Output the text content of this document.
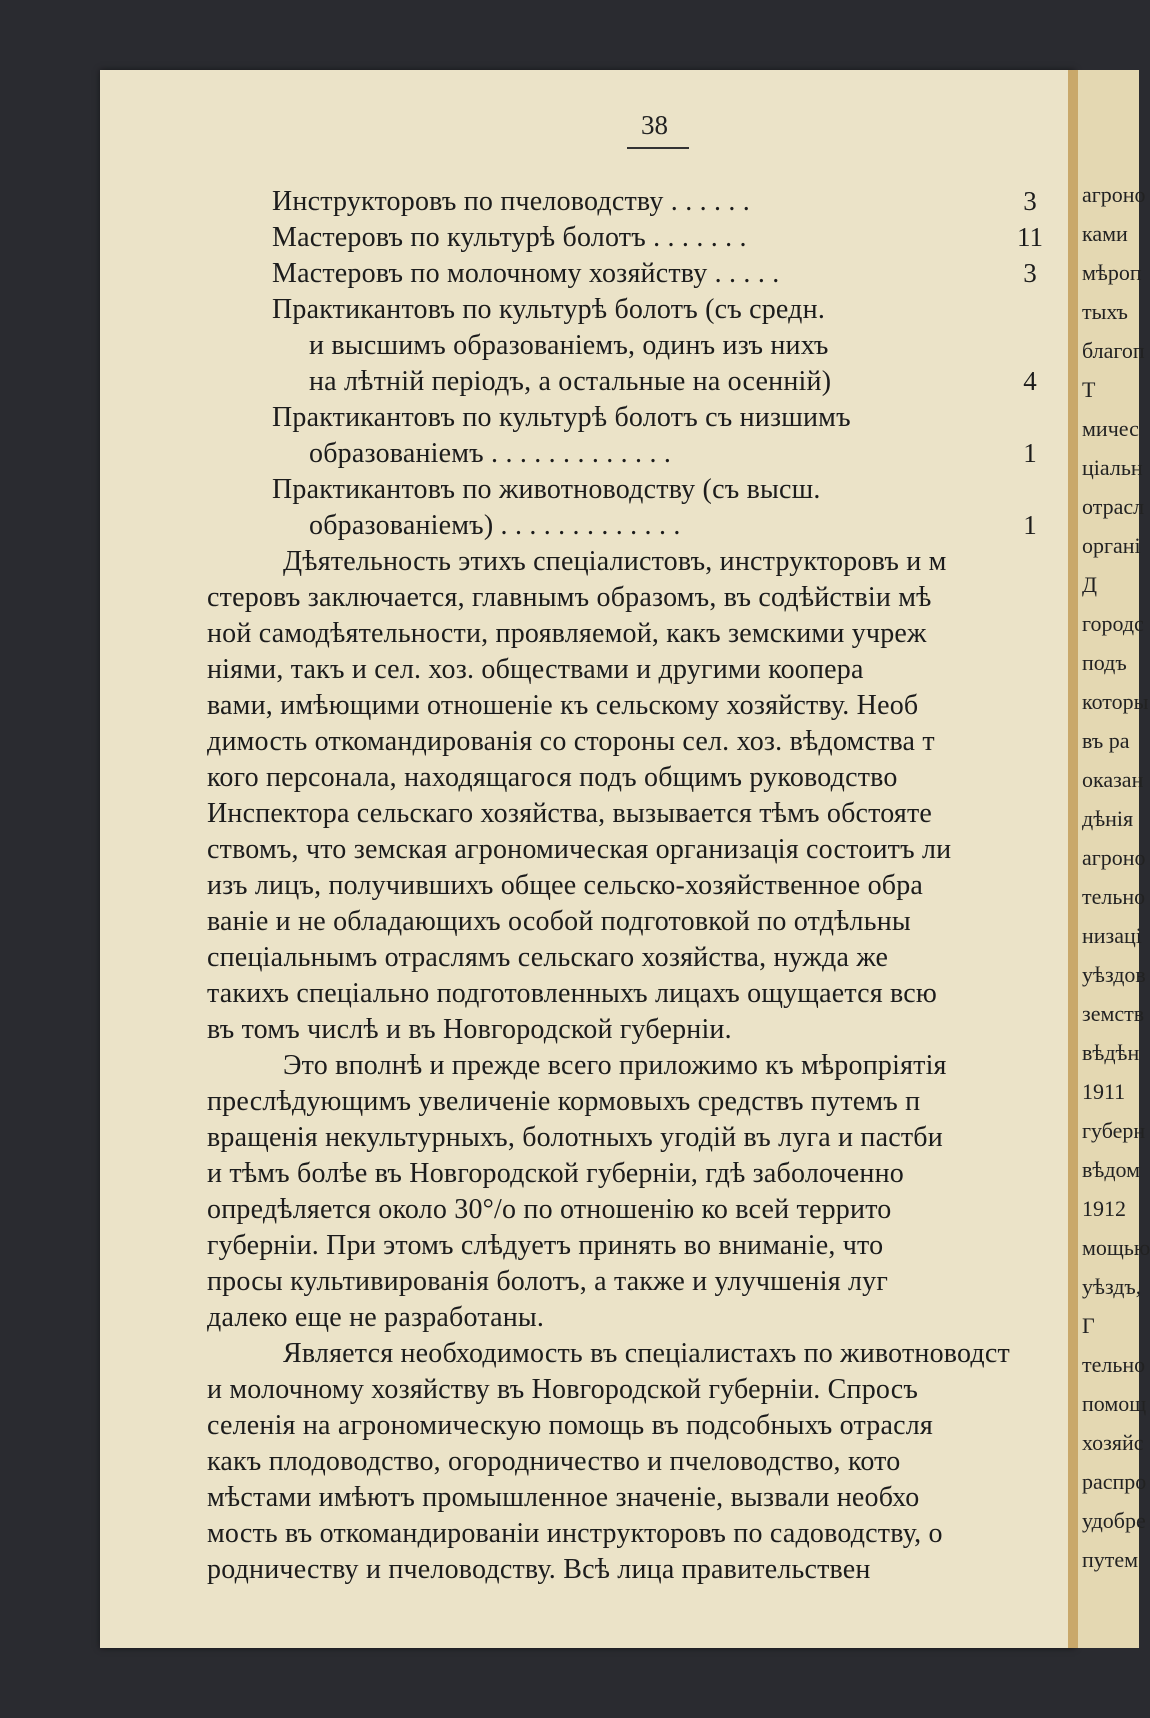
агроно
ками
мѣроп
тыхъ
благоп
Т
мичес
ціальн
отрасл
органі
Д
городс
подъ
которы
въ ра
оказан
дѣнія
агроно
тельно
низаці
уѣздов
земств
вѣдѣн
1911
губерн
вѣдом
1912
мощью
уѣздъ,
Г
тельно
помощ
хозяйс
распро
удобре
путем
38
Инструкторовъ по пчеловодству . . . . . .	3
Мастеровъ по культурѣ болотъ . . . . . . .	11
Мастеровъ по молочному хозяйству . . . . .	3
Практикантовъ по культурѣ болотъ (съ средн.
и высшимъ образованіемъ, одинъ изъ нихъ
на лѣтній періодъ, а остальные на осенній)	4
Практикантовъ по культурѣ болотъ съ низшимъ
образованіемъ . . . . . . . . . . . . .	1
Практикантовъ по животноводству (съ высш.
образованіемъ) . . . . . . . . . . . . .	1
Дѣятельность этихъ спеціалистовъ, инструкторовъ и м
стеровъ заключается, главнымъ образомъ, въ содѣйствіи мѣ
ной самодѣятельности, проявляемой, какъ земскими учреж
ніями, такъ и сел. хоз. обществами и другими коопера
вами, имѣющими отношеніе къ сельскому хозяйству. Необ
димость откомандированія со стороны сел. хоз. вѣдомства т
кого персонала, находящагося подъ общимъ руководство
Инспектора сельскаго хозяйства, вызывается тѣмъ обстояте
ствомъ, что земская агрономическая организація состоитъ ли
изъ лицъ, получившихъ общее сельско-хозяйственное обра
ваніе и не обладающихъ особой подготовкой по отдѣльны
спеціальнымъ отраслямъ сельскаго хозяйства, нужда же
такихъ спеціально подготовленныхъ лицахъ ощущается всю
въ томъ числѣ и въ Новгородской губерніи.
Это вполнѣ и прежде всего приложимо къ мѣропріятія
преслѣдующимъ увеличеніе кормовыхъ средствъ путемъ п
вращенія некультурныхъ, болотныхъ угодій въ луга и пастби
и тѣмъ болѣе въ Новгородской губерніи, гдѣ заболоченно
опредѣляется около 30°/о по отношенію ко всей террито
губерніи. При этомъ слѣдуетъ принять во вниманіе, что
просы культивированія болотъ, а также и улучшенія луг
далеко еще не разработаны.
Является необходимость въ спеціалистахъ по животноводст
и молочному хозяйству въ Новгородской губерніи. Спросъ
селенія на агрономическую помощь въ подсобныхъ отрасля
какъ плодоводство, огородничество и пчеловодство, кото
мѣстами имѣютъ промышленное значеніе, вызвали необхо
мость въ откомандированіи инструкторовъ по садоводству, о
родничеству и пчеловодству. Всѣ лица правительствен
